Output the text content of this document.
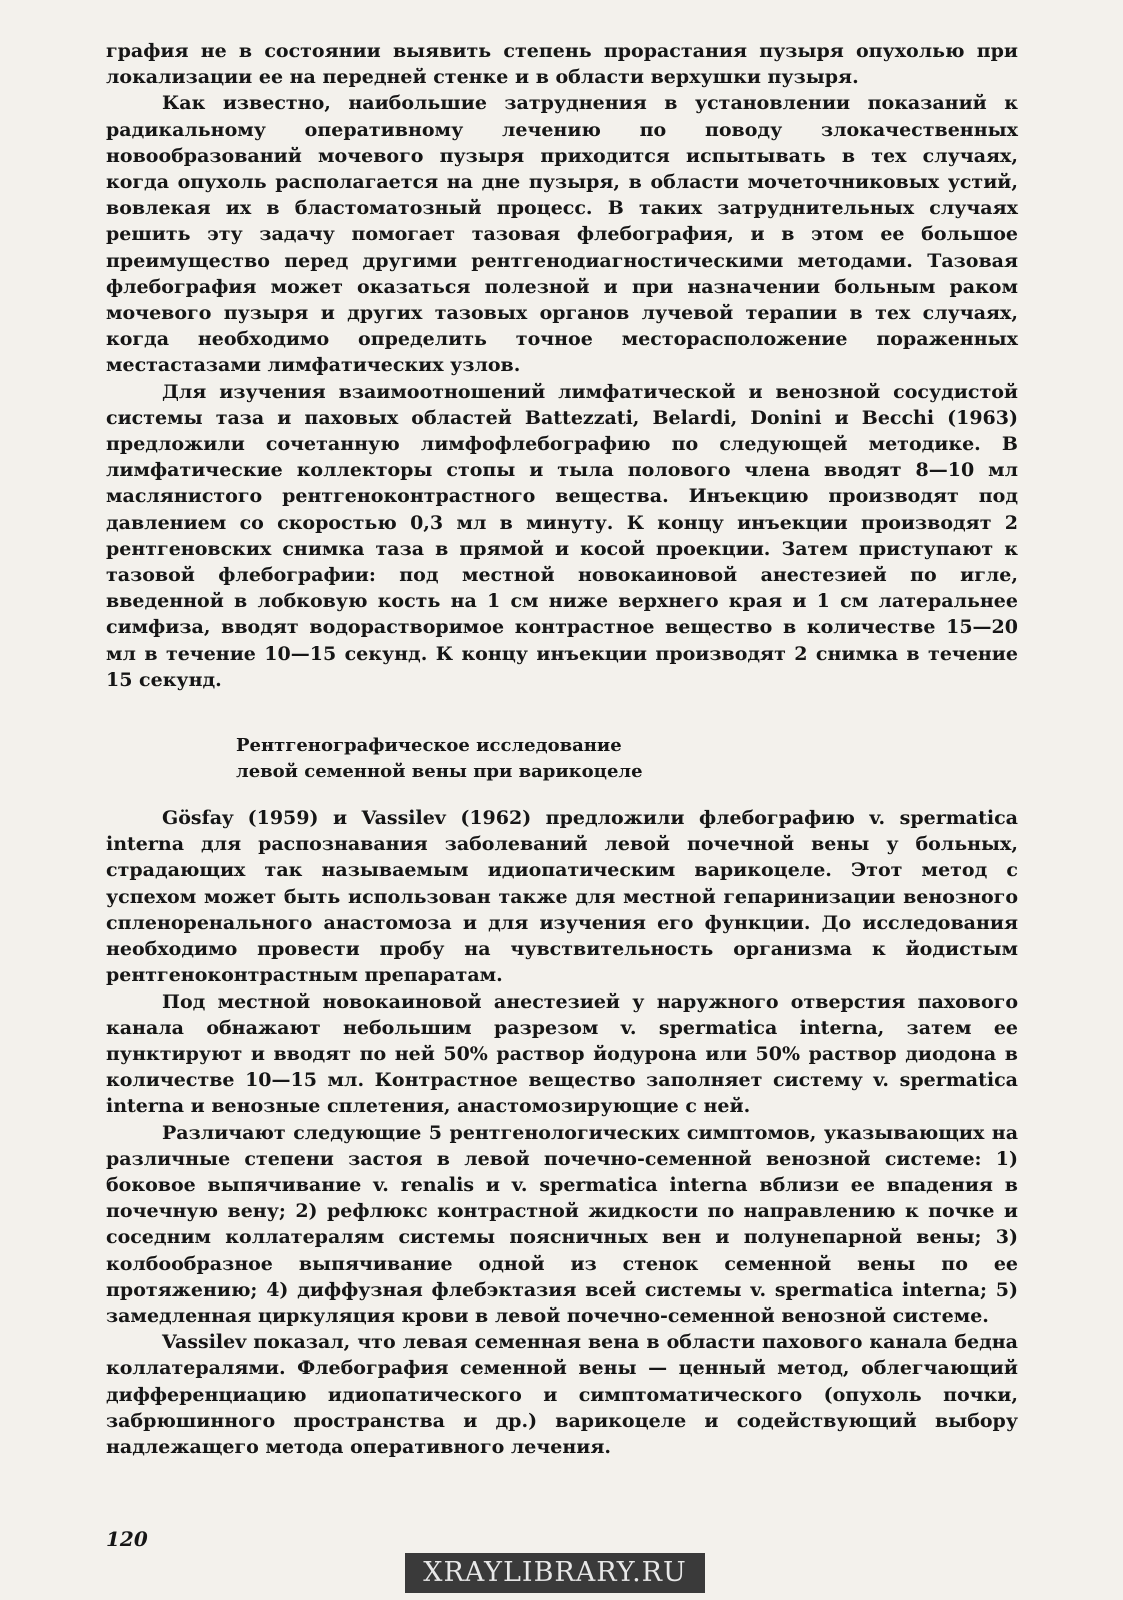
графия не в состоянии выявить степень прорастания пузыря опухолью при локализации ее на передней стенке и в области верхушки пузыря.

Как известно, наибольшие затруднения в установлении показаний к радикальному оперативному лечению по поводу злокачественных новообразований мочевого пузыря приходится испытывать в тех случаях, когда опухоль располагается на дне пузыря, в области мочеточниковых устий, вовлекая их в бластоматозный процесс. В таких затруднительных случаях решить эту задачу помогает тазовая флебография, и в этом ее большое преимущество перед другими рентгенодиагностическими методами. Тазовая флебография может оказаться полезной и при назначении больным раком мочевого пузыря и других тазовых органов лучевой терапии в тех случаях, когда необходимо определить точное месторасположение пораженных местастазами лимфатических узлов.

Для изучения взаимоотношений лимфатической и венозной сосудистой системы таза и паховых областей Battezzati, Belardi, Donini и Becchi (1963) предложили сочетанную лимфофлебографию по следующей методике. В лимфатические коллекторы стопы и тыла полового члена вводят 8—10 мл маслянистого рентгеноконтрастного вещества. Инъекцию производят под давлением со скоростью 0,3 мл в минуту. К концу инъекции производят 2 рентгеновских снимка таза в прямой и косой проекции. Затем приступают к тазовой флебографии: под местной новокаиновой анестезией по игле, введенной в лобковую кость на 1 см ниже верхнего края и 1 см латеральнее симфиза, вводят водорастворимое контрастное вещество в количестве 15—20 мл в течение 10—15 секунд. К концу инъекции производят 2 снимка в течение 15 секунд.

Рентгенографическое исследование
левой семенной вены при варикоцеле

Gösfay (1959) и Vassilev (1962) предложили флебографию v. spermatica interna для распознавания заболеваний левой почечной вены у больных, страдающих так называемым идиопатическим варикоцеле. Этот метод с успехом может быть использован также для местной гепаринизации венозного спленоренального анастомоза и для изучения его функции. До исследования необходимо провести пробу на чувствительность организма к йодистым рентгеноконтрастным препаратам.

Под местной новокаиновой анестезией у наружного отверстия пахового канала обнажают небольшим разрезом v. spermatica interna, затем ее пунктируют и вводят по ней 50% раствор йодурона или 50% раствор диодона в количестве 10—15 мл. Контрастное вещество заполняет систему v. spermatica interna и венозные сплетения, анастомозирующие с ней.

Различают следующие 5 рентгенологических симптомов, указывающих на различные степени застоя в левой почечно-семенной венозной системе: 1) боковое выпячивание v. renalis и v. spermatica interna вблизи ее впадения в почечную вену; 2) рефлюкс контрастной жидкости по направлению к почке и соседним коллатералям системы поясничных вен и полунепарной вены; 3) колбообразное выпячивание одной из стенок семенной вены по ее протяжению; 4) диффузная флебэктазия всей системы v. spermatica interna; 5) замедленная циркуляция крови в левой почечно-семенной венозной системе.

Vassilev показал, что левая семенная вена в области пахового канала бедна коллатералями. Флебография семенной вены — ценный метод, облегчающий дифференциацию идиопатического и симптоматического (опухоль почки, забрюшинного пространства и др.) варикоцеле и содействующий выбору надлежащего метода оперативного лечения.

120
XRAYLIBRARY.RU
